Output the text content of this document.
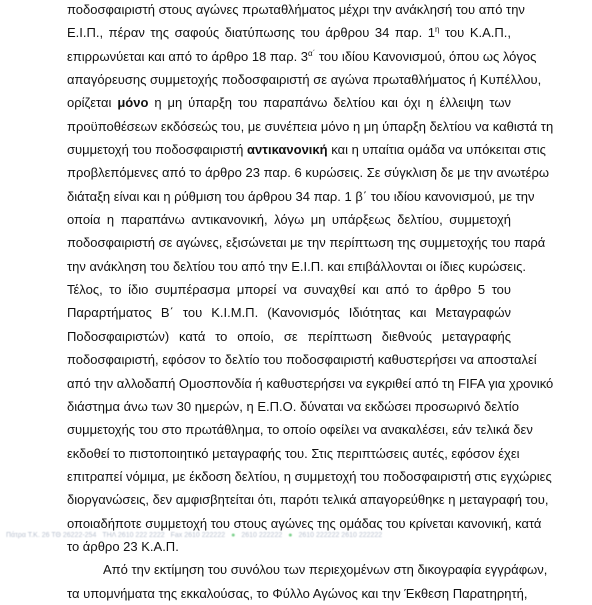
ποδοσφαιριστή στους αγώνες πρωταθλήματος μέχρι την ανάκλησή του από την
Ε.Ι.Π., πέραν της σαφούς διατύπωσης του άρθρου 34 παρ. $1^\eta$ του Κ.Α.Π.,
επιρρωνύεται και από το άρθρο 18 παρ. $3^{\alpha΄}$ του ιδίου Κανονισμού, όπου ως λόγος
απαγόρευσης συμμετοχής ποδοσφαιριστή σε αγώνα πρωταθλήματος ή Κυπέλλου,
ορίζεται μόνο η μη ύπαρξη του παραπάνω δελτίου και όχι η έλλειψη των
προϋποθέσεων εκδόσεώς του, με συνέπεια μόνο η μη ύπαρξη δελτίου να καθιστά τη
συμμετοχή του ποδοσφαιριστή αντικανονική και η υπαίτια ομάδα να υπόκειται στις
προβλεπόμενες από το άρθρο 23 παρ. 6 κυρώσεις. Σε σύγκλιση δε με την ανωτέρω
διάταξη είναι και η ρύθμιση του άρθρου 34 παρ. 1 β΄ του ιδίου κανονισμού, με την
οποία η παραπάνω αντικανονική, λόγω μη υπάρξεως δελτίου, συμμετοχή
ποδοσφαιριστή σε αγώνες, εξισώνεται με την περίπτωση της συμμετοχής του παρά
την ανάκληση του δελτίου του από την Ε.Ι.Π. και επιβάλλονται οι ίδιες κυρώσεις.
Τέλος, το ίδιο συμπέρασμα μπορεί να συναχθεί και από το άρθρο 5 του
Παραρτήματος Β΄ του Κ.Ι.Μ.Π. (Κανονισμός Ιδιότητας και Μεταγραφών
Ποδοσφαιριστών) κατά το οποίο, σε περίπτωση διεθνούς μεταγραφής
ποδοσφαιριστή, εφόσον το δελτίο του ποδοσφαιριστή καθυστερήσει να αποσταλεί
από την αλλοδαπή Ομοσπονδία ή καθυστερήσει να εγκριθεί από τη FIFA για χρονικό
διάστημα άνω των 30 ημερών, η Ε.Π.Ο. δύναται να εκδώσει προσωρινό δελτίο
συμμετοχής του στο πρωτάθλημα, το οποίο οφείλει να ανακαλέσει, εάν τελικά δεν
εκδοθεί το πιστοποιητικό μεταγραφής του. Στις περιπτώσεις αυτές, εφόσον έχει
επιτραπεί νόμιμα, με έκδοση δελτίου, η συμμετοχή του ποδοσφαιριστή στις εγχώριες
διοργανώσεις, δεν αμφισβητείται ότι, παρότι τελικά απαγορεύθηκε η μεταγραφή του,
οποιαδήποτε συμμετοχή του στους αγώνες της ομάδας του κρίνεται κανονική, κατά
το άρθρο 23 Κ.Α.Π.
Από την εκτίμηση του συνόλου των περιεχομένων στη δικογραφία εγγράφων,
τα υπομνήματα της εκκαλούσας, το Φύλλο Αγώνος και την Έκθεση Παρατηρητή,
Πάτρα Τ.Κ. 26 ΤΘ 26222-254 ΤΗΛ 2610 222 2222 Fax 2610 222222 ● 2610 222222 ● 2610 222222 2610 222222
